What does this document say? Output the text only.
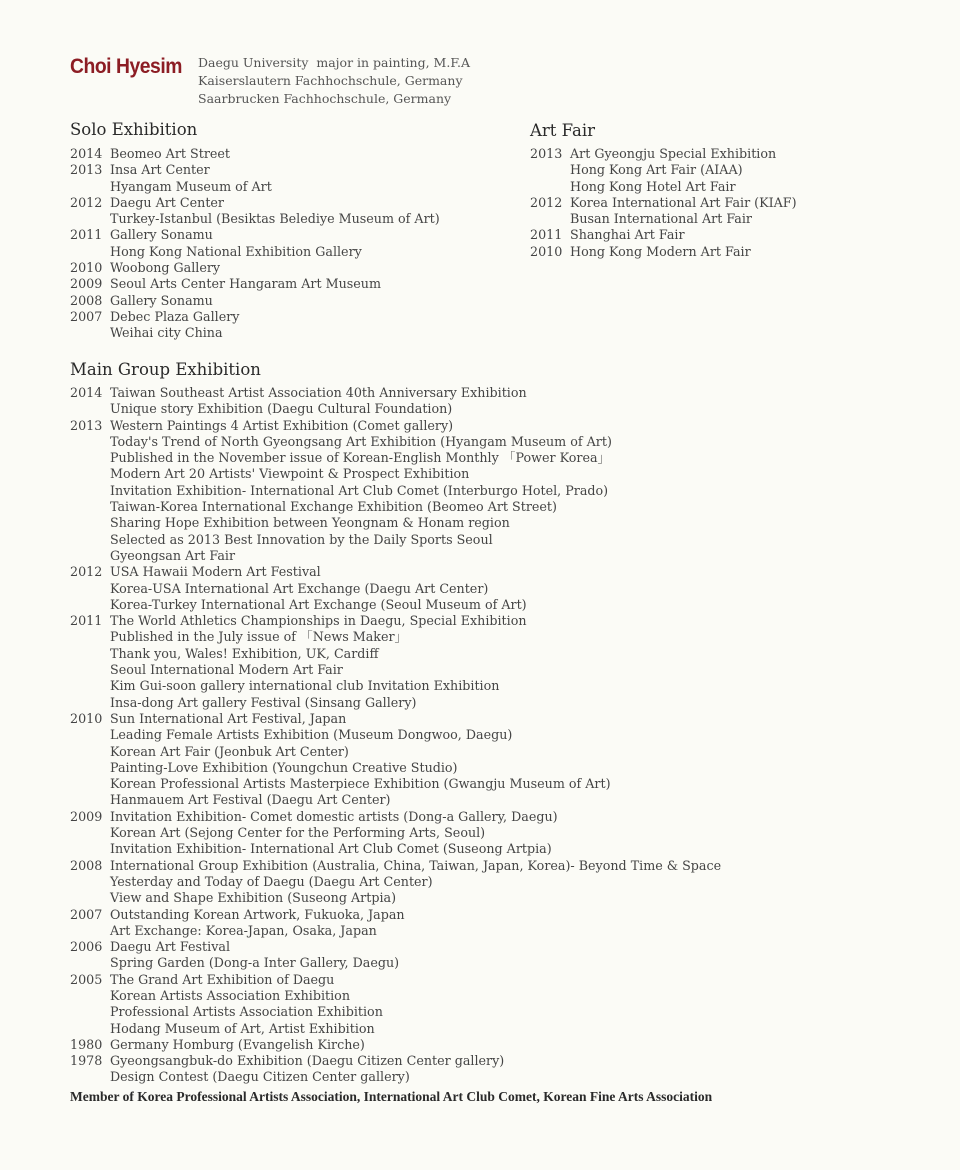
Choi Hyesim Daegu University  major in painting, M.F.A
Kaiserslautern Fachhochschule, Germany
Saarbrucken Fachhochschule, Germany
Solo Exhibition
2014 Beomeo Art Street
2013 Insa Art Center
Hyangam Museum of Art
2012 Daegu Art Center
Turkey-Istanbul (Besiktas Belediye Museum of Art)
2011 Gallery Sonamu
Hong Kong National Exhibition Gallery
2010 Woobong Gallery
2009 Seoul Arts Center Hangaram Art Museum
2008 Gallery Sonamu
2007 Debec Plaza Gallery
Weihai city China
Art Fair
2013 Art Gyeongju Special Exhibition
Hong Kong Art Fair (AIAA)
Hong Kong Hotel Art Fair
2012 Korea International Art Fair (KIAF)
Busan International Art Fair
2011 Shanghai Art Fair
2010 Hong Kong Modern Art Fair
Main Group Exhibition
2014 Taiwan Southeast Artist Association 40th Anniversary Exhibition
Unique story Exhibition (Daegu Cultural Foundation)
2013 Western Paintings 4 Artist Exhibition (Comet gallery)
Today's Trend of North Gyeongsang Art Exhibition (Hyangam Museum of Art)
Published in the November issue of Korean-English Monthly 「Power Korea」
Modern Art 20 Artists' Viewpoint & Prospect Exhibition
Invitation Exhibition- International Art Club Comet (Interburgo Hotel, Prado)
Taiwan-Korea International Exchange Exhibition (Beomeo Art Street)
Sharing Hope Exhibition between Yeongnam & Honam region
Selected as 2013 Best Innovation by the Daily Sports Seoul
Gyeongsan Art Fair
2012 USA Hawaii Modern Art Festival
Korea-USA International Art Exchange (Daegu Art Center)
Korea-Turkey International Art Exchange (Seoul Museum of Art)
2011 The World Athletics Championships in Daegu, Special Exhibition
Published in the July issue of 「News Maker」
Thank you, Wales! Exhibition, UK, Cardiff
Seoul International Modern Art Fair
Kim Gui-soon gallery international club Invitation Exhibition
Insa-dong Art gallery Festival (Sinsang Gallery)
2010 Sun International Art Festival, Japan
Leading Female Artists Exhibition (Museum Dongwoo, Daegu)
Korean Art Fair (Jeonbuk Art Center)
Painting-Love Exhibition (Youngchun Creative Studio)
Korean Professional Artists Masterpiece Exhibition (Gwangju Museum of Art)
Hanmauem Art Festival (Daegu Art Center)
2009 Invitation Exhibition- Comet domestic artists (Dong-a Gallery, Daegu)
Korean Art (Sejong Center for the Performing Arts, Seoul)
Invitation Exhibition- International Art Club Comet (Suseong Artpia)
2008 International Group Exhibition (Australia, China, Taiwan, Japan, Korea)- Beyond Time & Space
Yesterday and Today of Daegu (Daegu Art Center)
View and Shape Exhibition (Suseong Artpia)
2007 Outstanding Korean Artwork, Fukuoka, Japan
Art Exchange: Korea-Japan, Osaka, Japan
2006 Daegu Art Festival
Spring Garden (Dong-a Inter Gallery, Daegu)
2005 The Grand Art Exhibition of Daegu
Korean Artists Association Exhibition
Professional Artists Association Exhibition
Hodang Museum of Art, Artist Exhibition
1980 Germany Homburg (Evangelish Kirche)
1978 Gyeongsangbuk-do Exhibition (Daegu Citizen Center gallery)
Design Contest (Daegu Citizen Center gallery)
Member of Korea Professional Artists Association, International Art Club Comet, Korean Fine Arts Association
